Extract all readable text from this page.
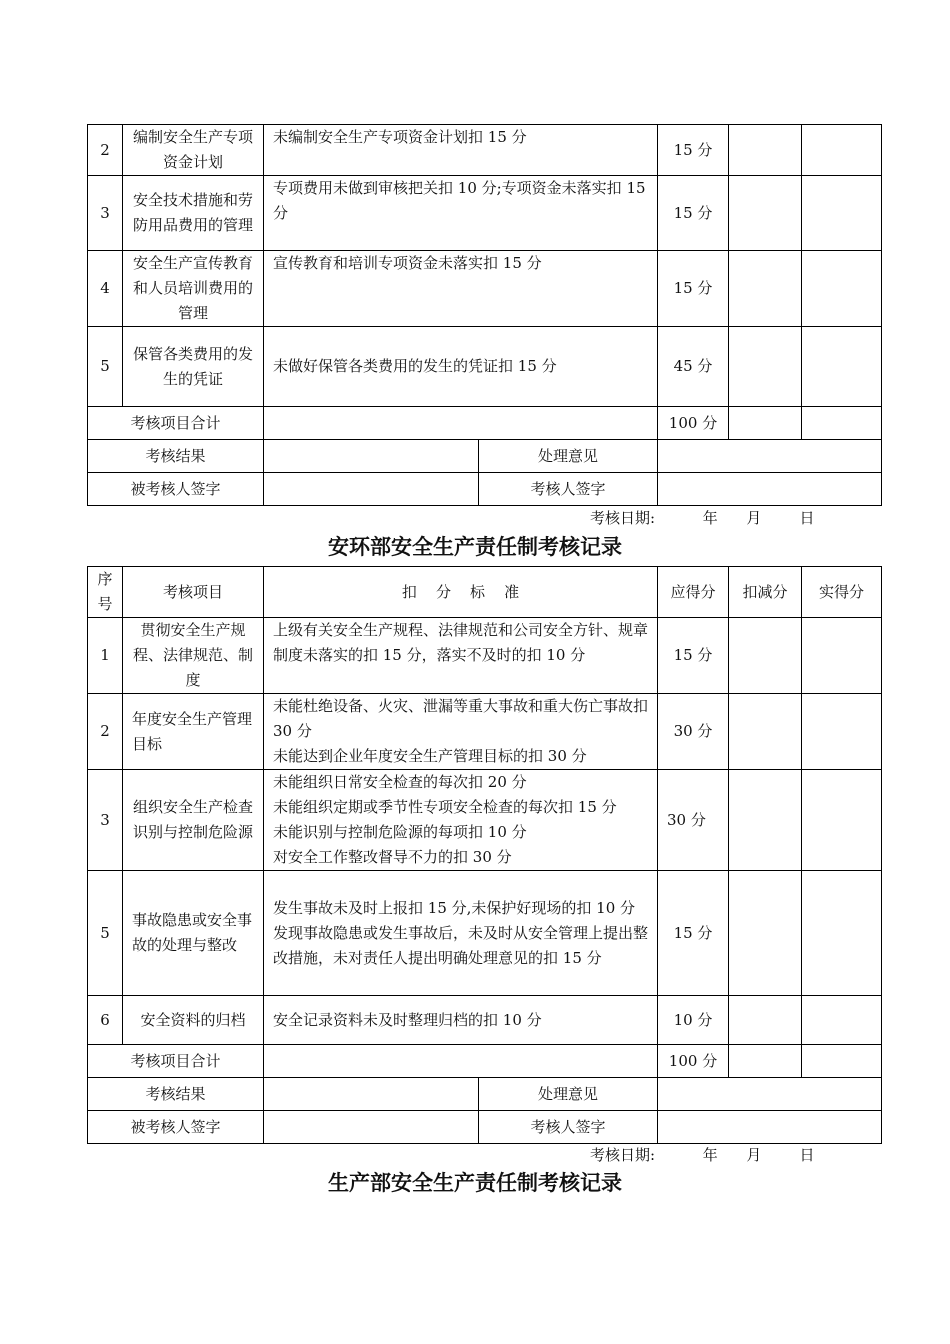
2	编制安全生产专项资金计划	未编制安全生产专项资金计划扣 15 分		15 分		
3	安全技术措施和劳防用品费用的管理	专项费用未做到审核把关扣 10 分;专项资金未落实扣 15 分		15 分		
4	安全生产宣传教育和人员培训费用的管理	宣传教育和培训专项资金未落实扣 15 分		15 分		
5	保管各类费用的发生的凭证	未做好保管各类费用的发生的凭证扣 15 分		45 分		
考核项目合计				100 分		
考核结果			处理意见			
被考核人签字			考核人签字			
考核日期:          年      月        日
安环部安全生产责任制考核记录
序号	考核项目	扣    分    标    准		应得分	扣减分	实得分
1	贯彻安全生产规程、法律规范、制度	上级有关安全生产规程、法律规范和公司安全方针、规章制度未落实的扣 15 分，落实不及时的扣 10 分		15 分		
2	年度安全生产管理目标	未能杜绝设备、火灾、泄漏等重大事故和重大伤亡事故扣 30 分
未能达到企业年度安全生产管理目标的扣 30 分		30 分		
3	组织安全生产检查识别与控制危险源	未能组织日常安全检查的每次扣 20 分
未能组织定期或季节性专项安全检查的每次扣 15 分
未能识别与控制危险源的每项扣 10 分
对安全工作整改督导不力的扣 30 分		30 分		
5	事故隐患或安全事故的处理与整改	发生事故未及时上报扣 15 分,未保护好现场的扣 10 分
发现事故隐患或发生事故后，未及时从安全管理上提出整改措施，未对责任人提出明确处理意见的扣 15 分		15 分		
6	安全资料的归档	安全记录资料未及时整理归档的扣 10 分		10 分		
考核项目合计				100 分		
考核结果			处理意见			
被考核人签字			考核人签字			
考核日期:          年      月        日
生产部安全生产责任制考核记录
